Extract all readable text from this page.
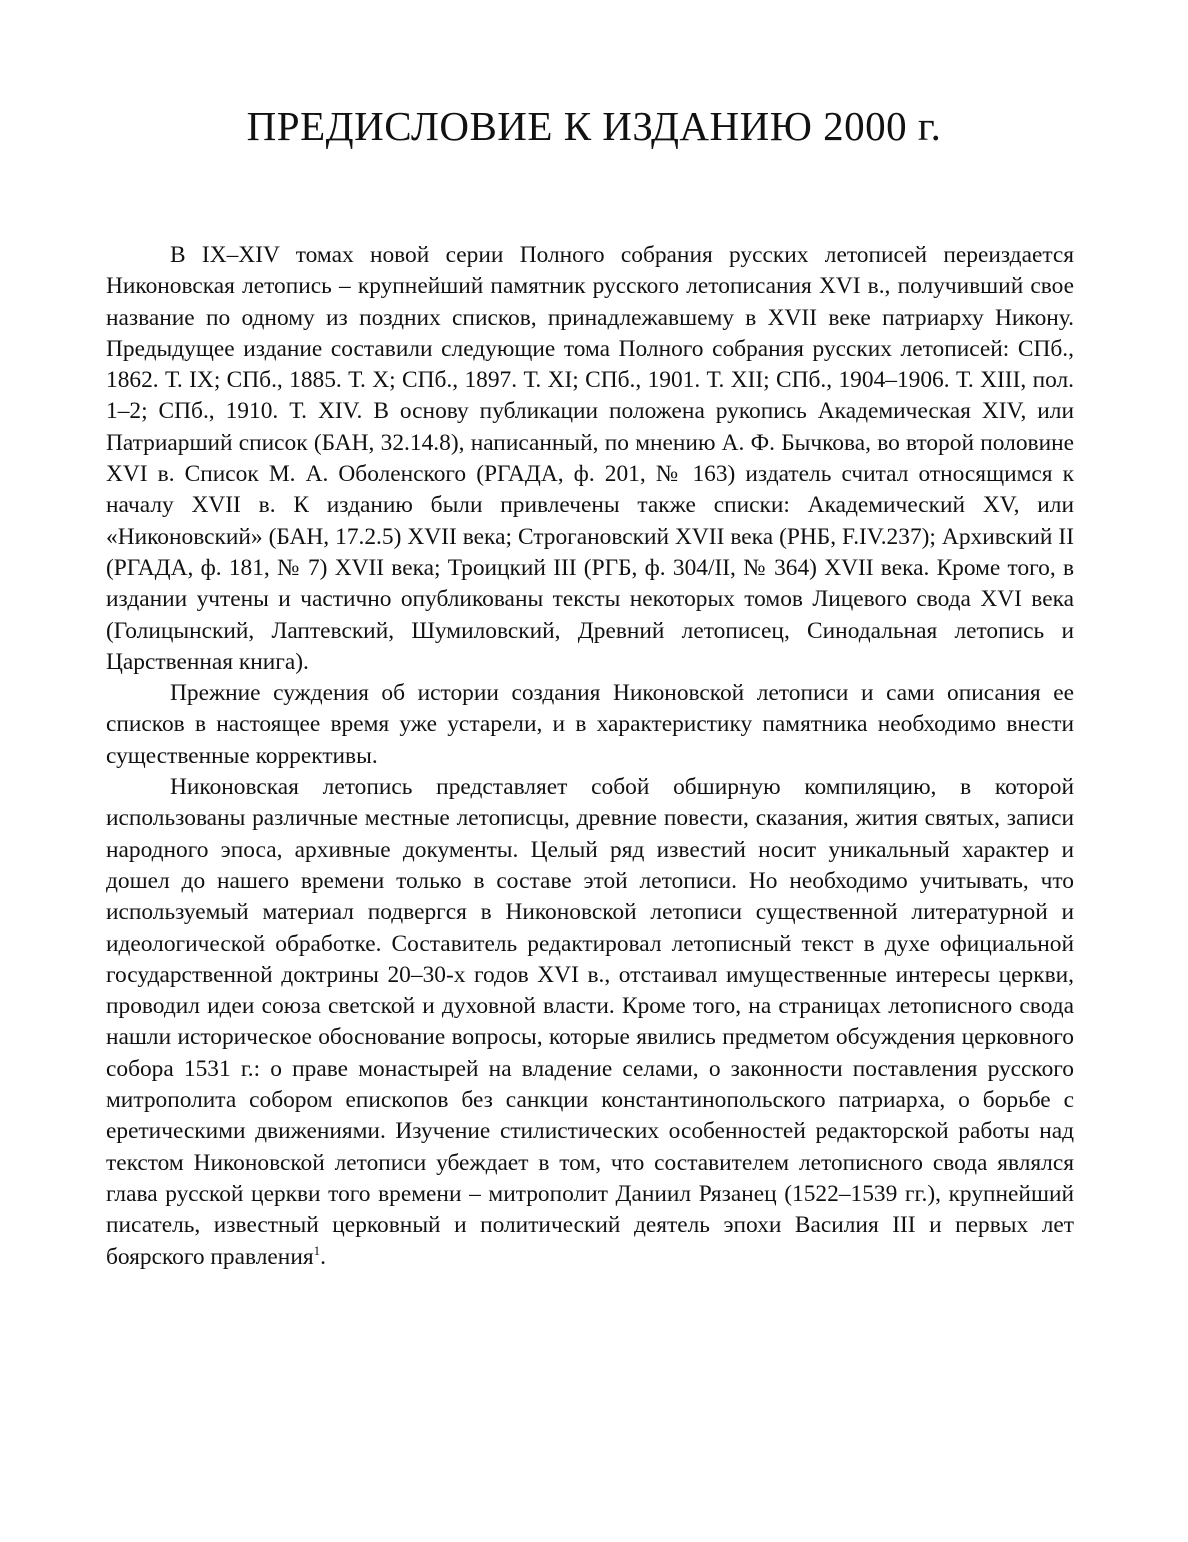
ПРЕДИСЛОВИЕ К ИЗДАНИЮ 2000 г.

В IX–XIV томах новой серии Полного собрания русских летописей переиздается Никоновская летопись – крупнейший памятник русского летописания XVI в., получивший свое название по одному из поздних списков, принадлежавшему в XVII веке патриарху Никону. Предыдущее издание составили следующие тома Полного собрания русских летописей: СПб., 1862. Т. IX; СПб., 1885. Т. X; СПб., 1897. Т. XI; СПб., 1901. Т. XII; СПб., 1904–1906. Т. XIII, пол. 1–2; СПб., 1910. Т. XIV. В основу публикации положена рукопись Академическая XIV, или Патриарший список (БАН, 32.14.8), написанный, по мнению А. Ф. Бычкова, во второй половине XVI в. Список М. А. Оболенского (РГАДА, ф. 201, № 163) издатель считал относящимся к началу XVII в. К изданию были привлечены также списки: Академический XV, или «Никоновский» (БАН, 17.2.5) XVII века; Строгановский XVII века (РНБ, F.IV.237); Архивский II (РГАДА, ф. 181, № 7) XVII века; Троицкий III (РГБ, ф. 304/II, № 364) XVII века. Кроме того, в издании учтены и частично опубликованы тексты некоторых томов Лицевого свода XVI века (Голицынский, Лаптевский, Шумиловский, Древний летописец, Синодальная летопись и Царственная книга).

Прежние суждения об истории создания Никоновской летописи и сами описания ее списков в настоящее время уже устарели, и в характеристику памятника необходимо внести существенные коррективы.

Никоновская летопись представляет собой обширную компиляцию, в которой использованы различные местные летописцы, древние повести, сказания, жития святых, записи народного эпоса, архивные документы. Целый ряд известий носит уникальный характер и дошел до нашего времени только в составе этой летописи. Но необходимо учитывать, что используемый материал подвергся в Никоновской летописи существенной литературной и идеологической обработке. Составитель редактировал летописный текст в духе официальной государственной доктрины 20–30-х годов XVI в., отстаивал имущественные интересы церкви, проводил идеи союза светской и духовной власти. Кроме того, на страницах летописного свода нашли историческое обоснование вопросы, которые явились предметом обсуждения церковного собора 1531 г.: о праве монастырей на владение селами, о законности поставления русского митрополита собором епископов без санкции константинопольского патриарха, о борьбе с еретическими движениями. Изучение стилистических особенностей редакторской работы над текстом Никоновской летописи убеждает в том, что составителем летописного свода являлся глава русской церкви того времени – митрополит Даниил Рязанец (1522–1539 гг.), крупнейший писатель, известный церковный и политический деятель эпохи Василия III и первых лет боярского правления$^1$.
